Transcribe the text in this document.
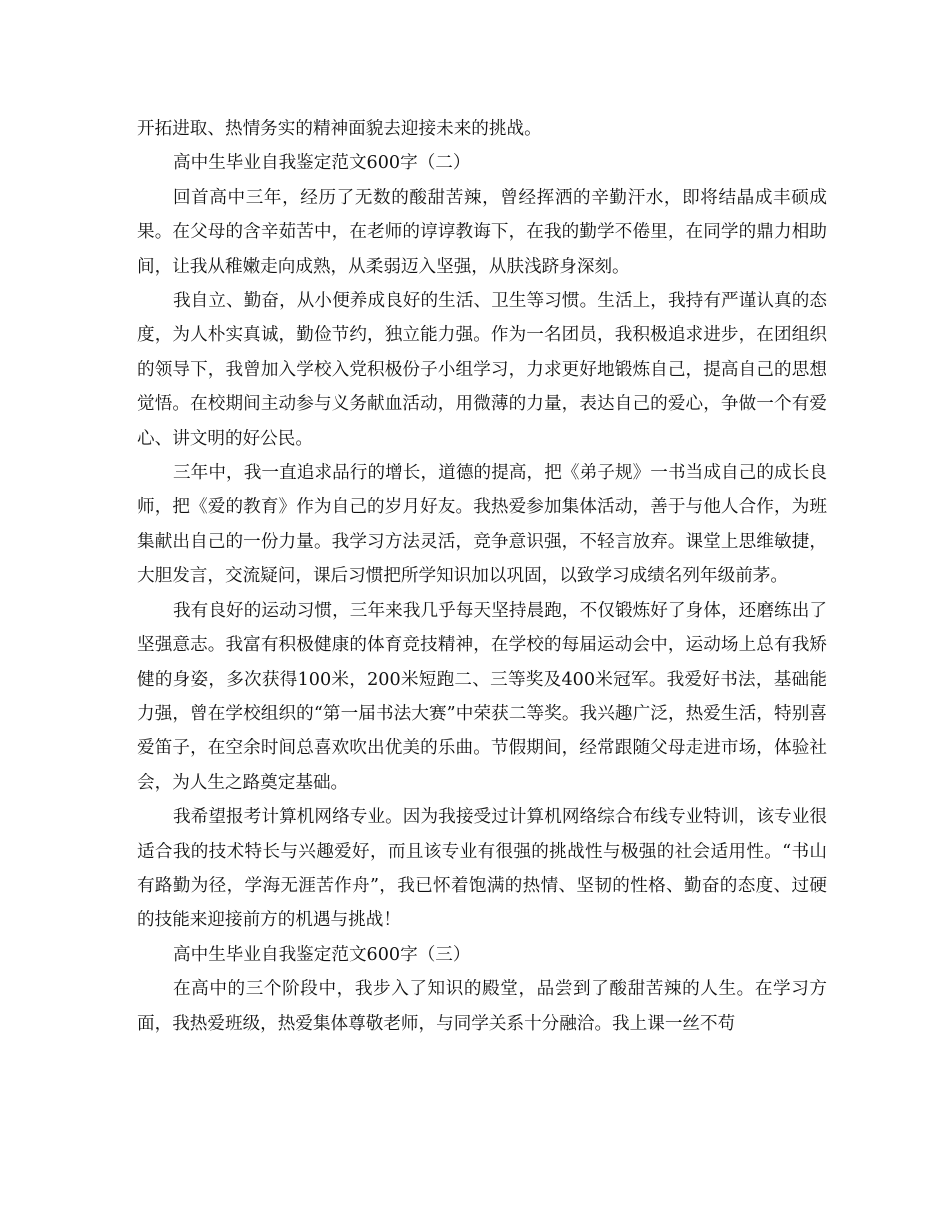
开拓进取、热情务实的精神面貌去迎接未来的挑战。

高中生毕业自我鉴定范文600字（二）

回首高中三年，经历了无数的酸甜苦辣，曾经挥洒的辛勤汗水，即将结晶成丰硕成果。在父母的含辛茹苦中，在老师的谆谆教诲下，在我的勤学不倦里，在同学的鼎力相助间，让我从稚嫩走向成熟，从柔弱迈入坚强，从肤浅跻身深刻。

我自立、勤奋，从小便养成良好的生活、卫生等习惯。生活上，我持有严谨认真的态度，为人朴实真诚，勤俭节约，独立能力强。作为一名团员，我积极追求进步，在团组织的领导下，我曾加入学校入党积极份子小组学习，力求更好地锻炼自己，提高自己的思想觉悟。在校期间主动参与义务献血活动，用微薄的力量，表达自己的爱心，争做一个有爱心、讲文明的好公民。

三年中，我一直追求品行的增长，道德的提高，把《弟子规》一书当成自己的成长良师，把《爱的教育》作为自己的岁月好友。我热爱参加集体活动，善于与他人合作，为班集献出自己的一份力量。我学习方法灵活，竞争意识强，不轻言放弃。课堂上思维敏捷，大胆发言，交流疑问，课后习惯把所学知识加以巩固，以致学习成绩名列年级前茅。

我有良好的运动习惯，三年来我几乎每天坚持晨跑，不仅锻炼好了身体，还磨练出了坚强意志。我富有积极健康的体育竞技精神，在学校的每届运动会中，运动场上总有我矫健的身姿，多次获得100米，200米短跑二、三等奖及400米冠军。我爱好书法，基础能力强，曾在学校组织的“第一届书法大赛”中荣获二等奖。我兴趣广泛，热爱生活，特别喜爱笛子，在空余时间总喜欢吹出优美的乐曲。节假期间，经常跟随父母走进市场，体验社会，为人生之路奠定基础。

我希望报考计算机网络专业。因为我接受过计算机网络综合布线专业特训，该专业很适合我的技术特长与兴趣爱好，而且该专业有很强的挑战性与极强的社会适用性。“书山有路勤为径，学海无涯苦作舟”，我已怀着饱满的热情、坚韧的性格、勤奋的态度、过硬的技能来迎接前方的机遇与挑战！

高中生毕业自我鉴定范文600字（三）

在高中的三个阶段中，我步入了知识的殿堂，品尝到了酸甜苦辣的人生。在学习方面，我热爱班级，热爱集体尊敬老师，与同学关系十分融洽。我上课一丝不苟
